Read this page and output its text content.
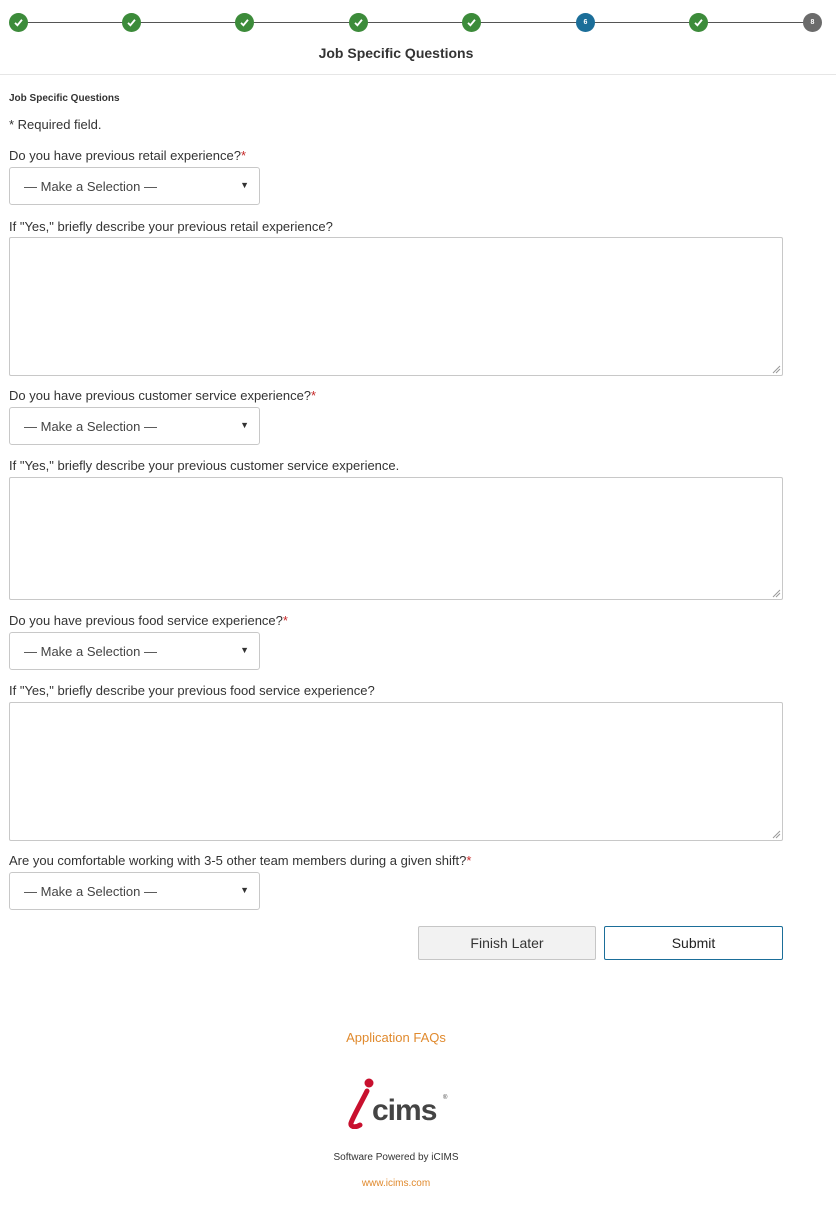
6	8
Job Specific Questions
Job Specific Questions
* Required field.
Do you have previous retail experience?*
— Make a Selection —	▼
If "Yes," briefly describe your previous retail experience?
Do you have previous customer service experience?*
— Make a Selection —	▼
If "Yes," briefly describe your previous customer service experience.
Do you have previous food service experience?*
— Make a Selection —	▼
If "Yes," briefly describe your previous food service experience?
Are you comfortable working with 3-5 other team members during a given shift?*
— Make a Selection —	▼
Finish Later	Submit
Application FAQs
cims ®
Software Powered by iCIMS
www.icims.com
